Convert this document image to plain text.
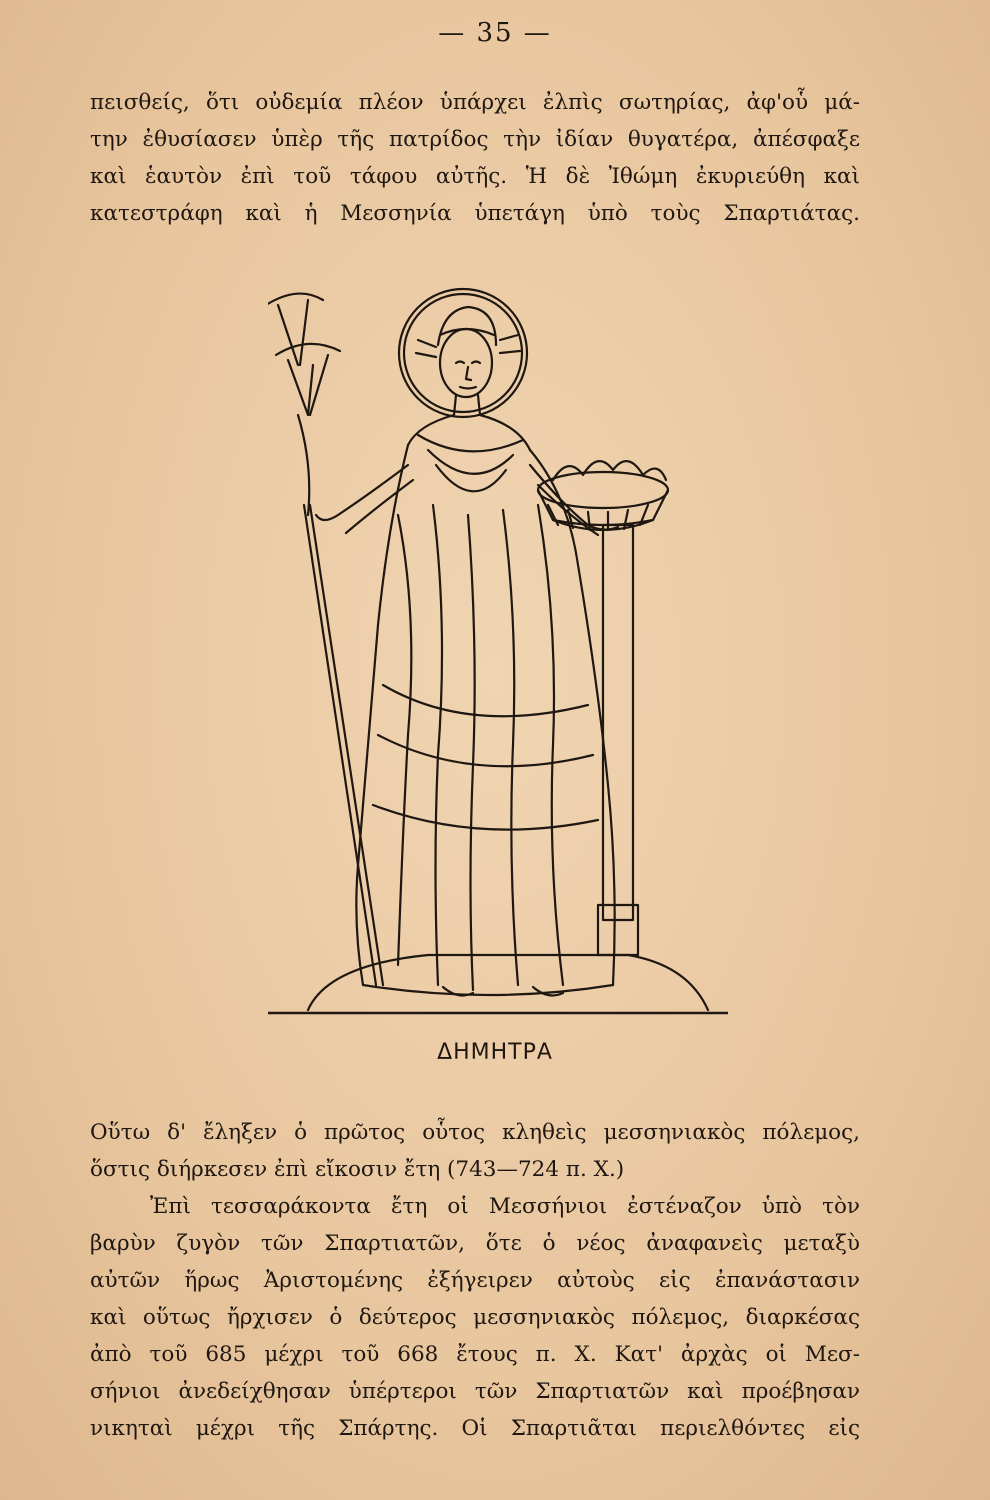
— 35 —
πεισθείς, ὅτι οὐδεμία πλέον ὑπάρχει ἐλπὶς σωτηρίας, ἀφ'οὗ μά-
την ἐθυσίασεν ὑπὲρ τῆς πατρίδος τὴν ἰδίαν θυγατέρα, ἀπέσφαξε
καὶ ἑαυτὸν ἐπὶ τοῦ τάφου αὐτῆς. Ἡ δὲ Ἰθώμη ἐκυριεύθη καὶ
κατεστράφη καὶ ἡ Μεσσηνία ὑπετάγη ὑπὸ τοὺς Σπαρτιάτας.
ΔΗΜΗΤΡΑ
Οὕτω δ' ἔληξεν ὁ πρῶτος οὗτος κληθεὶς μεσσηνιακὸς πόλεμος,
ὅστις διήρκεσεν ἐπὶ εἴκοσιν ἔτη (743—724 π. Χ.)
Ἐπὶ τεσσαράκοντα ἔτη οἱ Μεσσήνιοι ἐστέναζον ὑπὸ τὸν
βαρὺν ζυγὸν τῶν Σπαρτιατῶν, ὅτε ὁ νέος ἀναφανεὶς μεταξὺ
αὐτῶν ἥρως Ἀριστομένης ἐξήγειρεν αὐτοὺς εἰς ἐπανάστασιν
καὶ οὕτως ἤρχισεν ὁ δεύτερος μεσσηνιακὸς πόλεμος, διαρκέσας
ἀπὸ τοῦ 685 μέχρι τοῦ 668 ἔτους π. Χ. Κατ' ἀρχὰς οἱ Μεσ-
σήνιοι ἀνεδείχθησαν ὑπέρτεροι τῶν Σπαρτιατῶν καὶ προέβησαν
νικηταὶ μέχρι τῆς Σπάρτης. Οἱ Σπαρτιᾶται περιελθόντες εἰς
